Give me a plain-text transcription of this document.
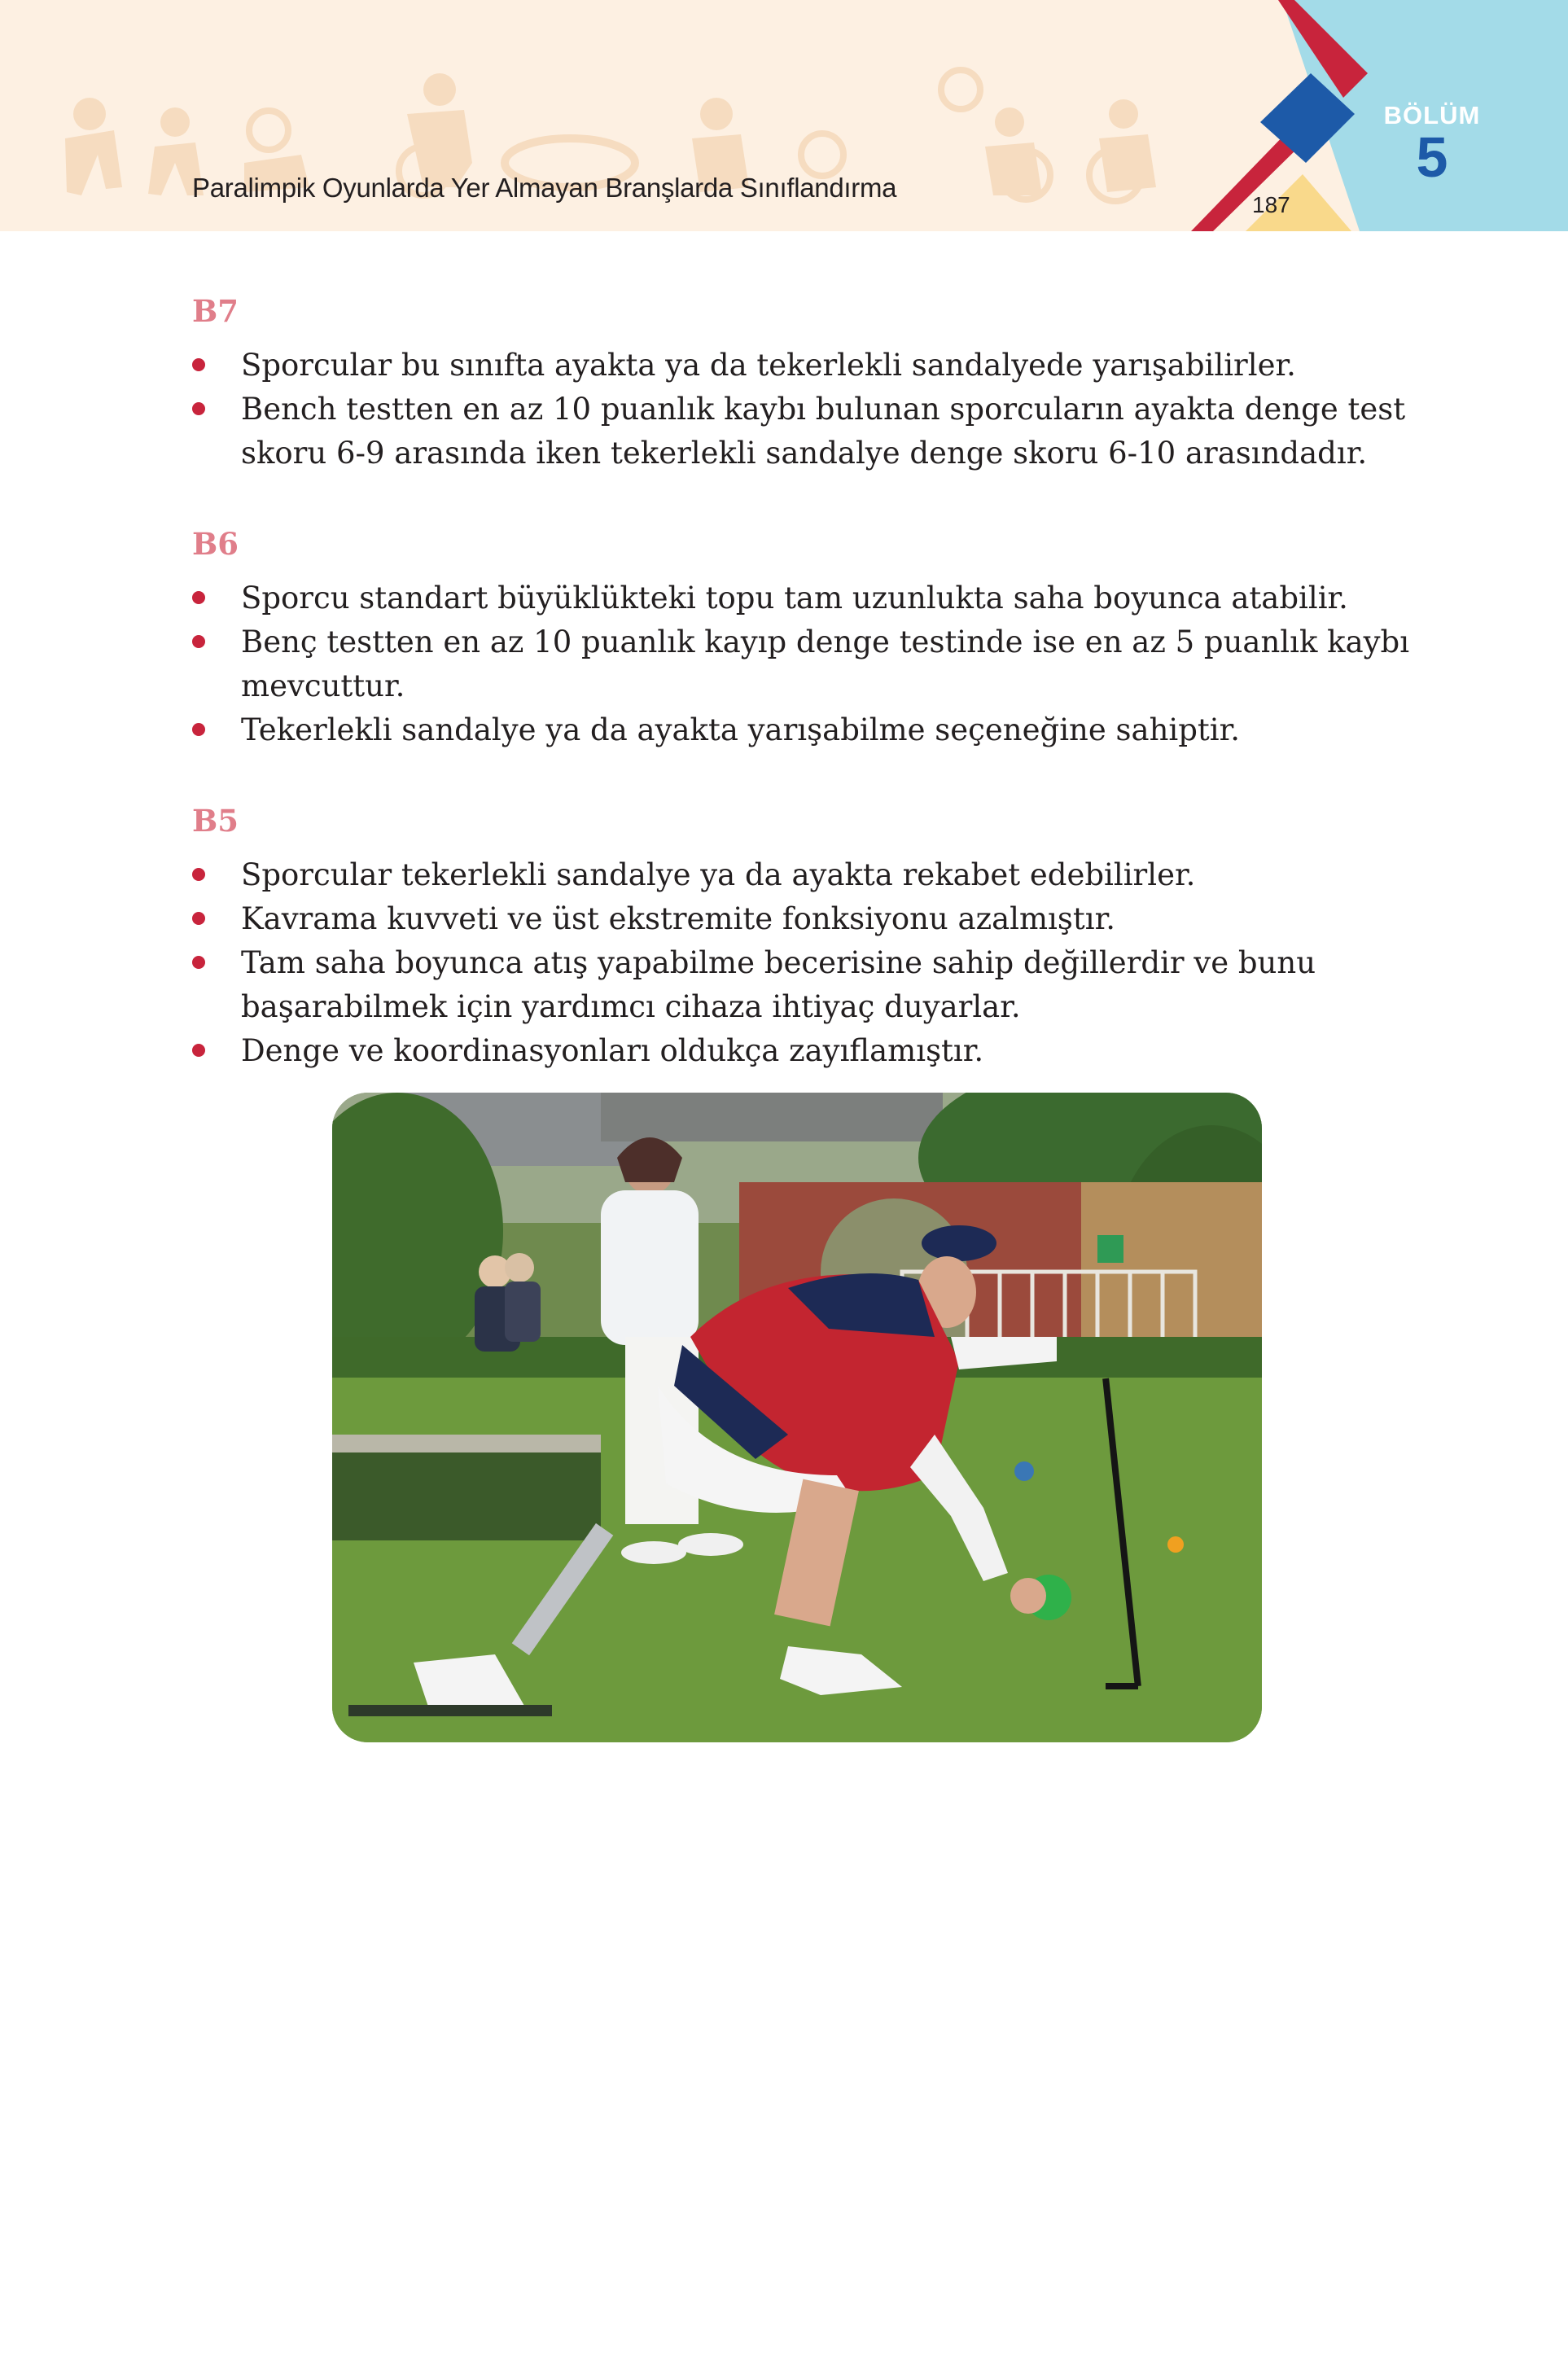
Paralimpik Oyunlarda Yer Almayan Branşlarda Sınıflandırma
187
BÖLÜM
5
B7
Sporcular bu sınıfta ayakta ya da tekerlekli sandalyede yarışabilirler.
Bench testten en az 10 puanlık kaybı bulunan sporcuların ayakta denge test skoru 6-9 arasında iken tekerlekli sandalye denge skoru 6-10 arasındadır.
B6
Sporcu standart büyüklükteki topu tam uzunlukta saha boyunca atabilir.
Benç testten en az 10 puanlık kayıp denge testinde ise en az 5 puanlık kaybı mevcuttur.
Tekerlekli sandalye ya da ayakta yarışabilme seçeneğine sahiptir.
B5
Sporcular tekerlekli sandalye ya da ayakta rekabet edebilirler.
Kavrama kuvveti ve üst ekstremite fonksiyonu azalmıştır.
Tam saha boyunca atış yapabilme becerisine sahip değillerdir ve bunu başarabilmek için yardımcı cihaza ihtiyaç duyarlar.
Denge ve koordinasyonları oldukça zayıflamıştır.
